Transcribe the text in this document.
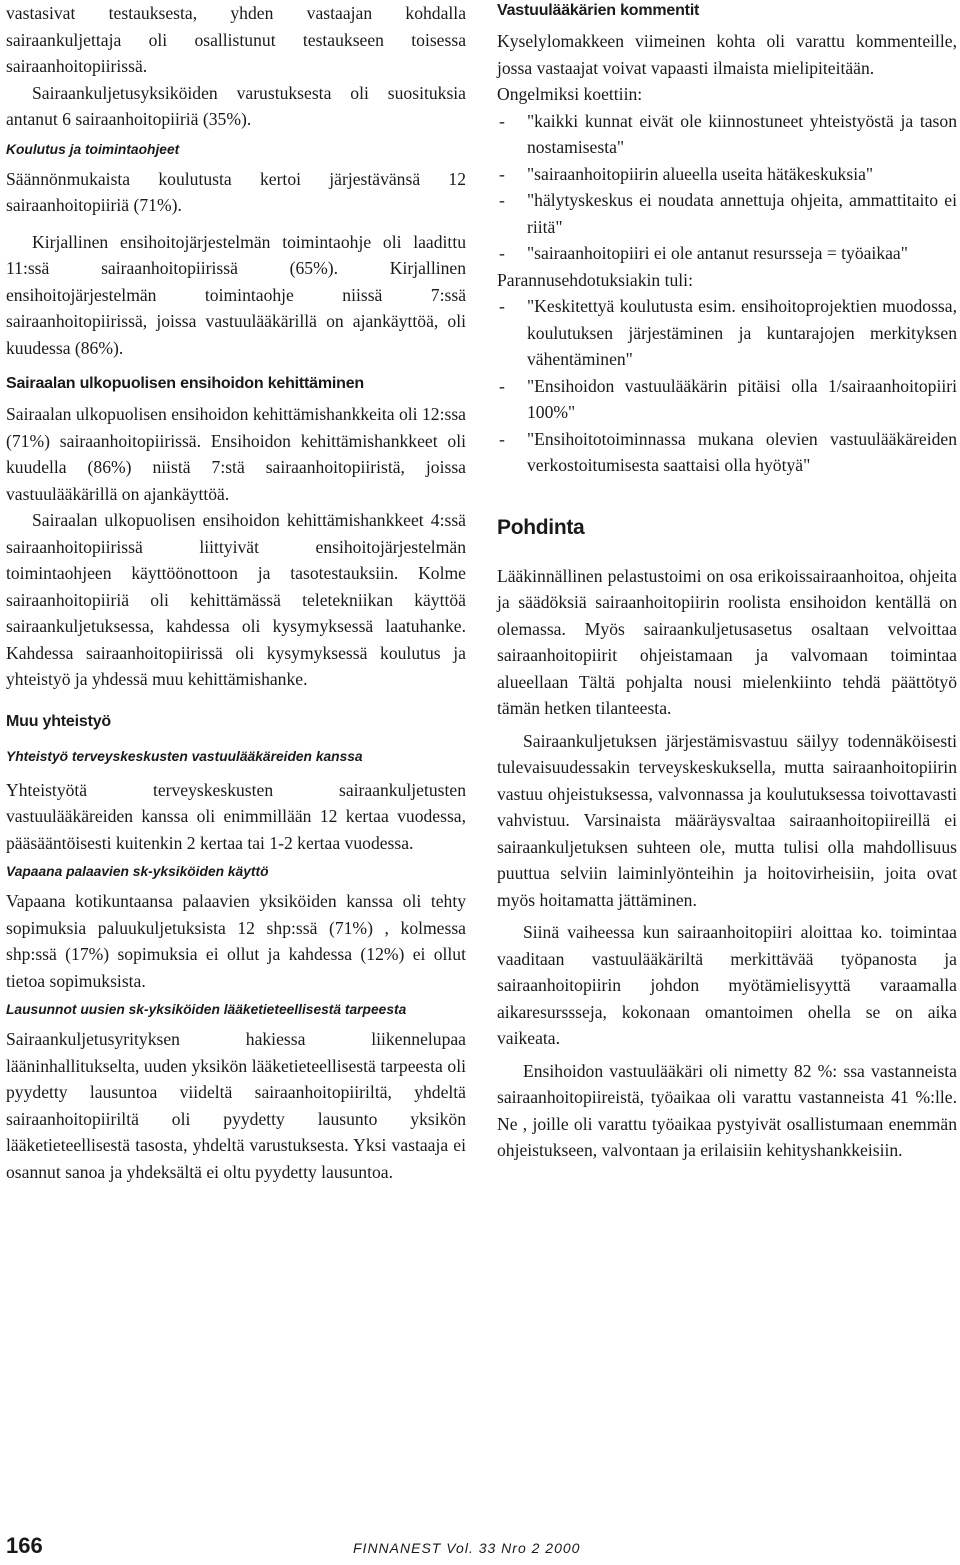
vastasivat testauksesta, yhden vastaajan kohdalla sairaankuljettaja oli osallistunut testaukseen toisessa sairaanhoitopiirissä.

Sairaankuljetusyksiköiden varustuksesta oli suosituksia antanut 6 sairaanhoitopiiriä (35%).

Koulutus ja toimintaohjeet

Säännönmukaista koulutusta kertoi järjestävänsä 12 sairaanhoitopiiriä (71%).

Kirjallinen ensihoitojärjestelmän toimintaohje oli laadittu 11:ssä sairaanhoitopiirissä (65%). Kirjallinen ensihoitojärjestelmän toimintaohje niissä 7:ssä sairaanhoitopiirissä, joissa vastuulääkärillä on ajankäyttöä, oli kuudessa (86%).

Sairaalan ulkopuolisen ensihoidon kehittäminen

Sairaalan ulkopuolisen ensihoidon kehittämishankkeita oli 12:ssa (71%) sairaanhoitopiirissä. Ensihoidon kehittämishankkeet oli kuudella (86%) niistä 7:stä sairaanhoitopiiristä, joissa vastuulääkärillä on ajankäyttöä.

Sairaalan ulkopuolisen ensihoidon kehittämishankkeet 4:ssä sairaanhoitopiirissä liittyivät ensihoitojärjestelmän toimintaohjeen käyttöönottoon ja tasotestauksiin. Kolme sairaanhoitopiiriä oli kehittämässä teletekniikan käyttöä sairaankuljetuksessa, kahdessa oli kysymyksessä laatuhanke. Kahdessa sairaanhoitopiirissä oli kysymyksessä koulutus ja yhteistyö ja yhdessä muu kehittämishanke.

Muu yhteistyö
Yhteistyö terveyskeskusten vastuulääkäreiden kanssa

Yhteistyötä terveyskeskusten sairaankuljetusten vastuulääkäreiden kanssa oli enimmillään 12 kertaa vuodessa, pääsääntöisesti kuitenkin 2 kertaa tai 1-2 kertaa vuodessa.

Vapaana palaavien sk-yksiköiden käyttö

Vapaana kotikuntaansa palaavien yksiköiden kanssa oli tehty sopimuksia paluukuljetuksista 12 shp:ssä (71%) , kolmessa shp:ssä (17%) sopimuksia ei ollut ja kahdessa (12%) ei ollut tietoa sopimuksista.

Lausunnot uusien sk-yksiköiden lääketieteellisestä tarpeesta

Sairaankuljetusyrityksen hakiessa liikennelupaa lääninhallitukselta, uuden yksikön lääketieteellisestä tarpeesta oli pyydetty lausuntoa viideltä sairaanhoitopiiriltä, yhdeltä sairaanhoitopiiriltä oli pyydetty lausunto yksikön lääketieteellisestä tasosta, yhdeltä varustuksesta. Yksi vastaaja ei osannut sanoa ja yhdeksältä ei oltu pyydetty lausuntoa.

Vastuulääkärien kommentit

Kyselylomakkeen viimeinen kohta oli varattu kommenteille, jossa vastaajat voivat vapaasti ilmaista mielipiteitään.

Ongelmiksi koettiin:

- "kaikki kunnat eivät ole kiinnostuneet yhteistyöstä ja tason nostamisesta"
- "sairaanhoitopiirin alueella useita hätäkeskuksia"
- "hälytyskeskus ei noudata annettuja ohjeita, ammattitaito ei riitä"
- "sairaanhoitopiiri ei ole antanut resursseja = työaikaa"

Parannusehdotuksiakin tuli:

- "Keskitettyä koulutusta esim. ensihoitoprojektien muodossa, koulutuksen järjestäminen ja kuntarajojen merkityksen vähentäminen"
- "Ensihoidon vastuulääkärin pitäisi olla 1/sairaanhoitopiiri 100%"
- "Ensihoitotoiminnassa mukana olevien vastuulääkäreiden verkostoitumisesta saattaisi olla hyötyä"
Pohdinta

Lääkinnällinen pelastustoimi on osa erikoissairaanhoitoa, ohjeita ja säädöksiä sairaanhoitopiirin roolista ensihoidon kentällä on olemassa. Myös sairaankuljetusasetus osaltaan velvoittaa sairaanhoitopiirit ohjeistamaan ja valvomaan toimintaa alueellaan Tältä pohjalta nousi mielenkiinto tehdä päättötyö tämän hetken tilanteesta.

Sairaankuljetuksen järjestämisvastuu säilyy todennäköisesti tulevaisuudessakin terveyskeskuksella, mutta sairaanhoitopiirin vastuu ohjeistuksessa, valvonnassa ja koulutuksessa toivottavasti vahvistuu. Varsinaista määräysvaltaa sairaanhoitopiireillä ei sairaankuljetuksen suhteen ole, mutta tulisi olla mahdollisuus puuttua selviin laiminlyönteihin ja hoitovirheisiin, joita ovat myös hoitamatta jättäminen.

Siinä vaiheessa kun sairaanhoitopiiri aloittaa ko. toimintaa vaaditaan vastuulääkäriltä merkittävää työpanosta ja sairaanhoitopiirin johdon myötämielisyyttä varaamalla aikaresurssseja, kokonaan omantoimen ohella se on aika vaikeata.

Ensihoidon vastuulääkäri oli nimetty 82 %: ssa vastanneista sairaanhoitopiireistä, työaikaa oli varattu vastanneista 41 %:lle. Ne , joille oli varattu työaikaa pystyivät osallistumaan enemmän ohjeistukseen, valvontaan ja erilaisiin kehityshankkeisiin.

166	FINNANEST Vol. 33 Nro 2 2000
